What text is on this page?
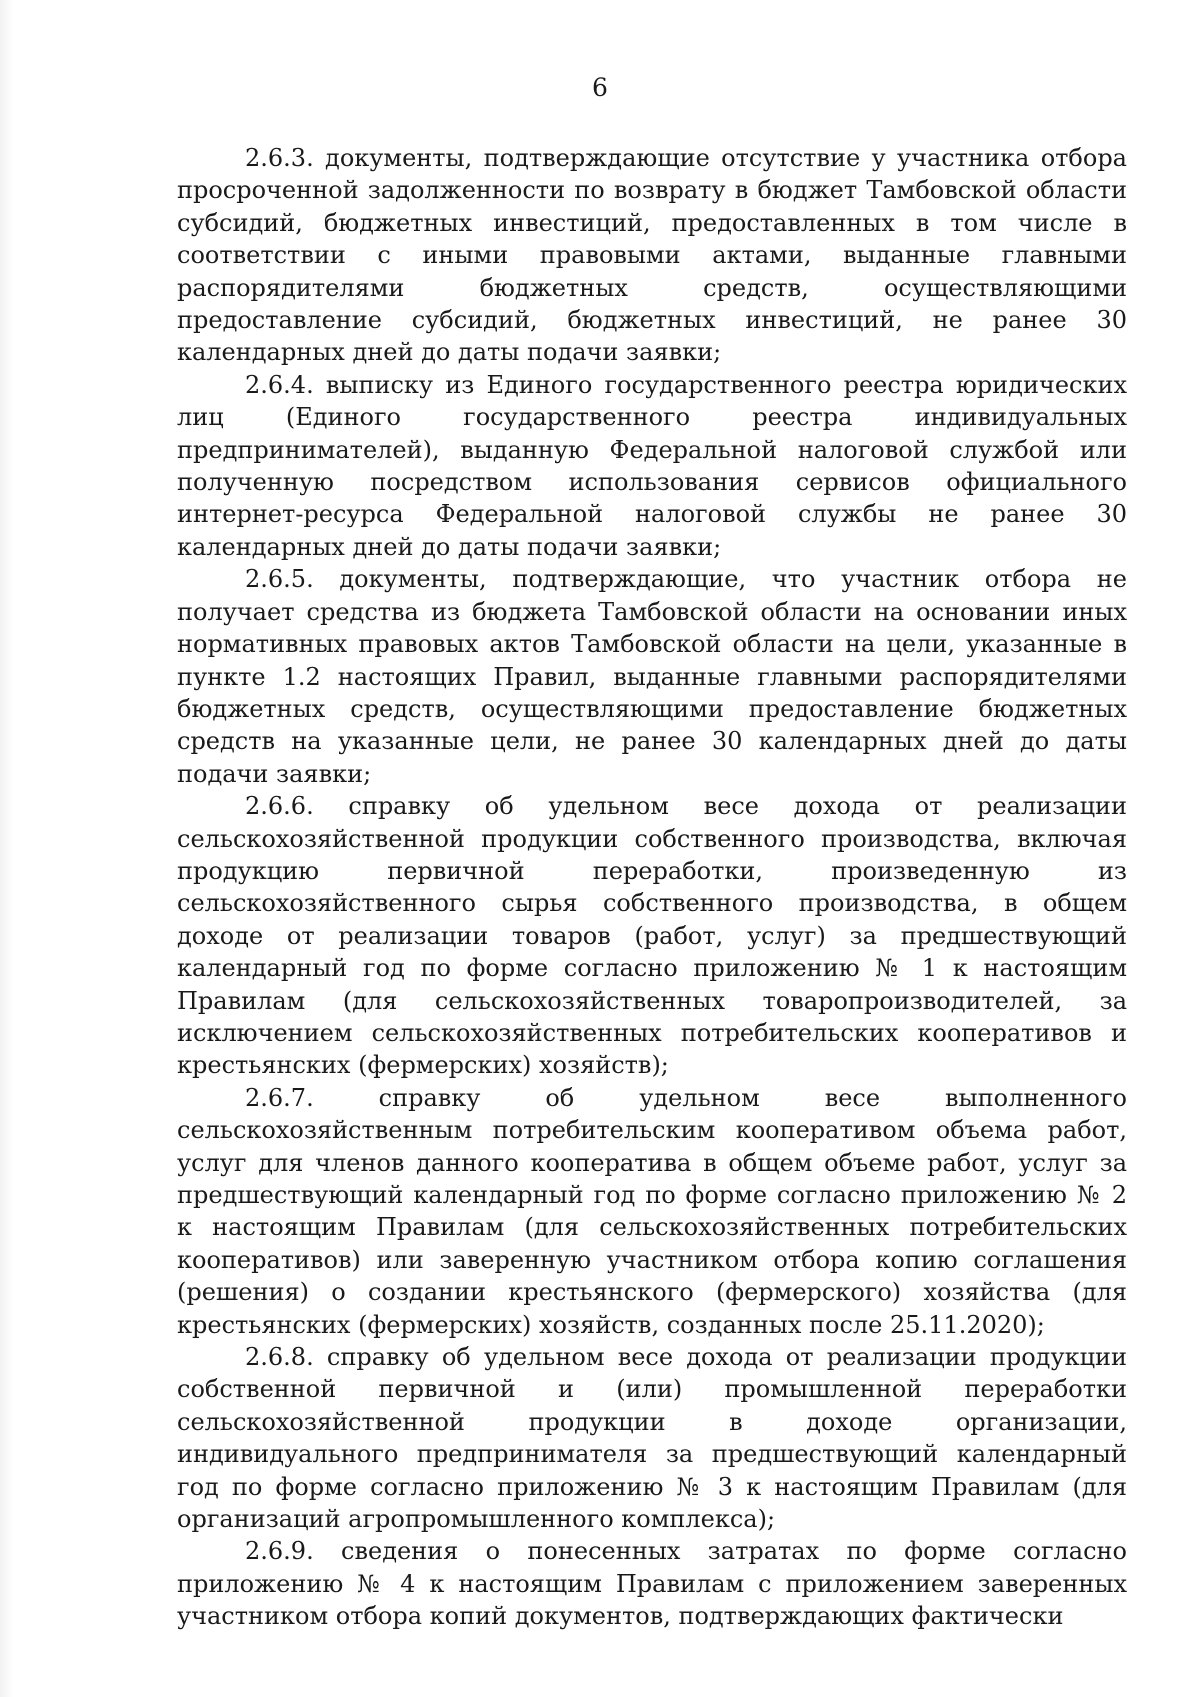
6

2.6.3. документы, подтверждающие отсутствие у участника отбора просроченной задолженности по возврату в бюджет Тамбовской области субсидий, бюджетных инвестиций, предоставленных в том числе в соответствии с иными правовыми актами, выданные главными распорядителями бюджетных средств, осуществляющими предоставление субсидий, бюджетных инвестиций, не ранее 30 календарных дней до даты подачи заявки;

2.6.4. выписку из Единого государственного реестра юридических лиц (Единого государственного реестра индивидуальных предпринимателей), выданную Федеральной налоговой службой или полученную посредством использования сервисов официального интернет-ресурса Федеральной налоговой службы не ранее 30 календарных дней до даты подачи заявки;

2.6.5. документы, подтверждающие, что участник отбора не получает средства из бюджета Тамбовской области на основании иных нормативных правовых актов Тамбовской области на цели, указанные в пункте 1.2 настоящих Правил, выданные главными распорядителями бюджетных средств, осуществляющими предоставление бюджетных средств на указанные цели, не ранее 30 календарных дней до даты подачи заявки;

2.6.6. справку об удельном весе дохода от реализации сельскохозяйственной продукции собственного производства, включая продукцию первичной переработки, произведенную из сельскохозяйственного сырья собственного производства, в общем доходе от реализации товаров (работ, услуг) за предшествующий календарный год по форме согласно приложению № 1 к настоящим Правилам (для сельскохозяйственных товаропроизводителей, за исключением сельскохозяйственных потребительских кооперативов и крестьянских (фермерских) хозяйств);

2.6.7. справку об удельном весе выполненного сельскохозяйственным потребительским кооперативом объема работ, услуг для членов данного кооператива в общем объеме работ, услуг за предшествующий календарный год по форме согласно приложению № 2 к настоящим Правилам (для сельскохозяйственных потребительских кооперативов) или заверенную участником отбора копию соглашения (решения) о создании крестьянского (фермерского) хозяйства (для крестьянских (фермерских) хозяйств, созданных после 25.11.2020);

2.6.8. справку об удельном весе дохода от реализации продукции собственной первичной и (или) промышленной переработки сельскохозяйственной продукции в доходе организации, индивидуального предпринимателя за предшествующий календарный год по форме согласно приложению № 3 к настоящим Правилам (для организаций агропромышленного комплекса);

2.6.9. сведения о понесенных затратах по форме согласно приложению № 4 к настоящим Правилам с приложением заверенных участником отбора копий документов, подтверждающих фактически
